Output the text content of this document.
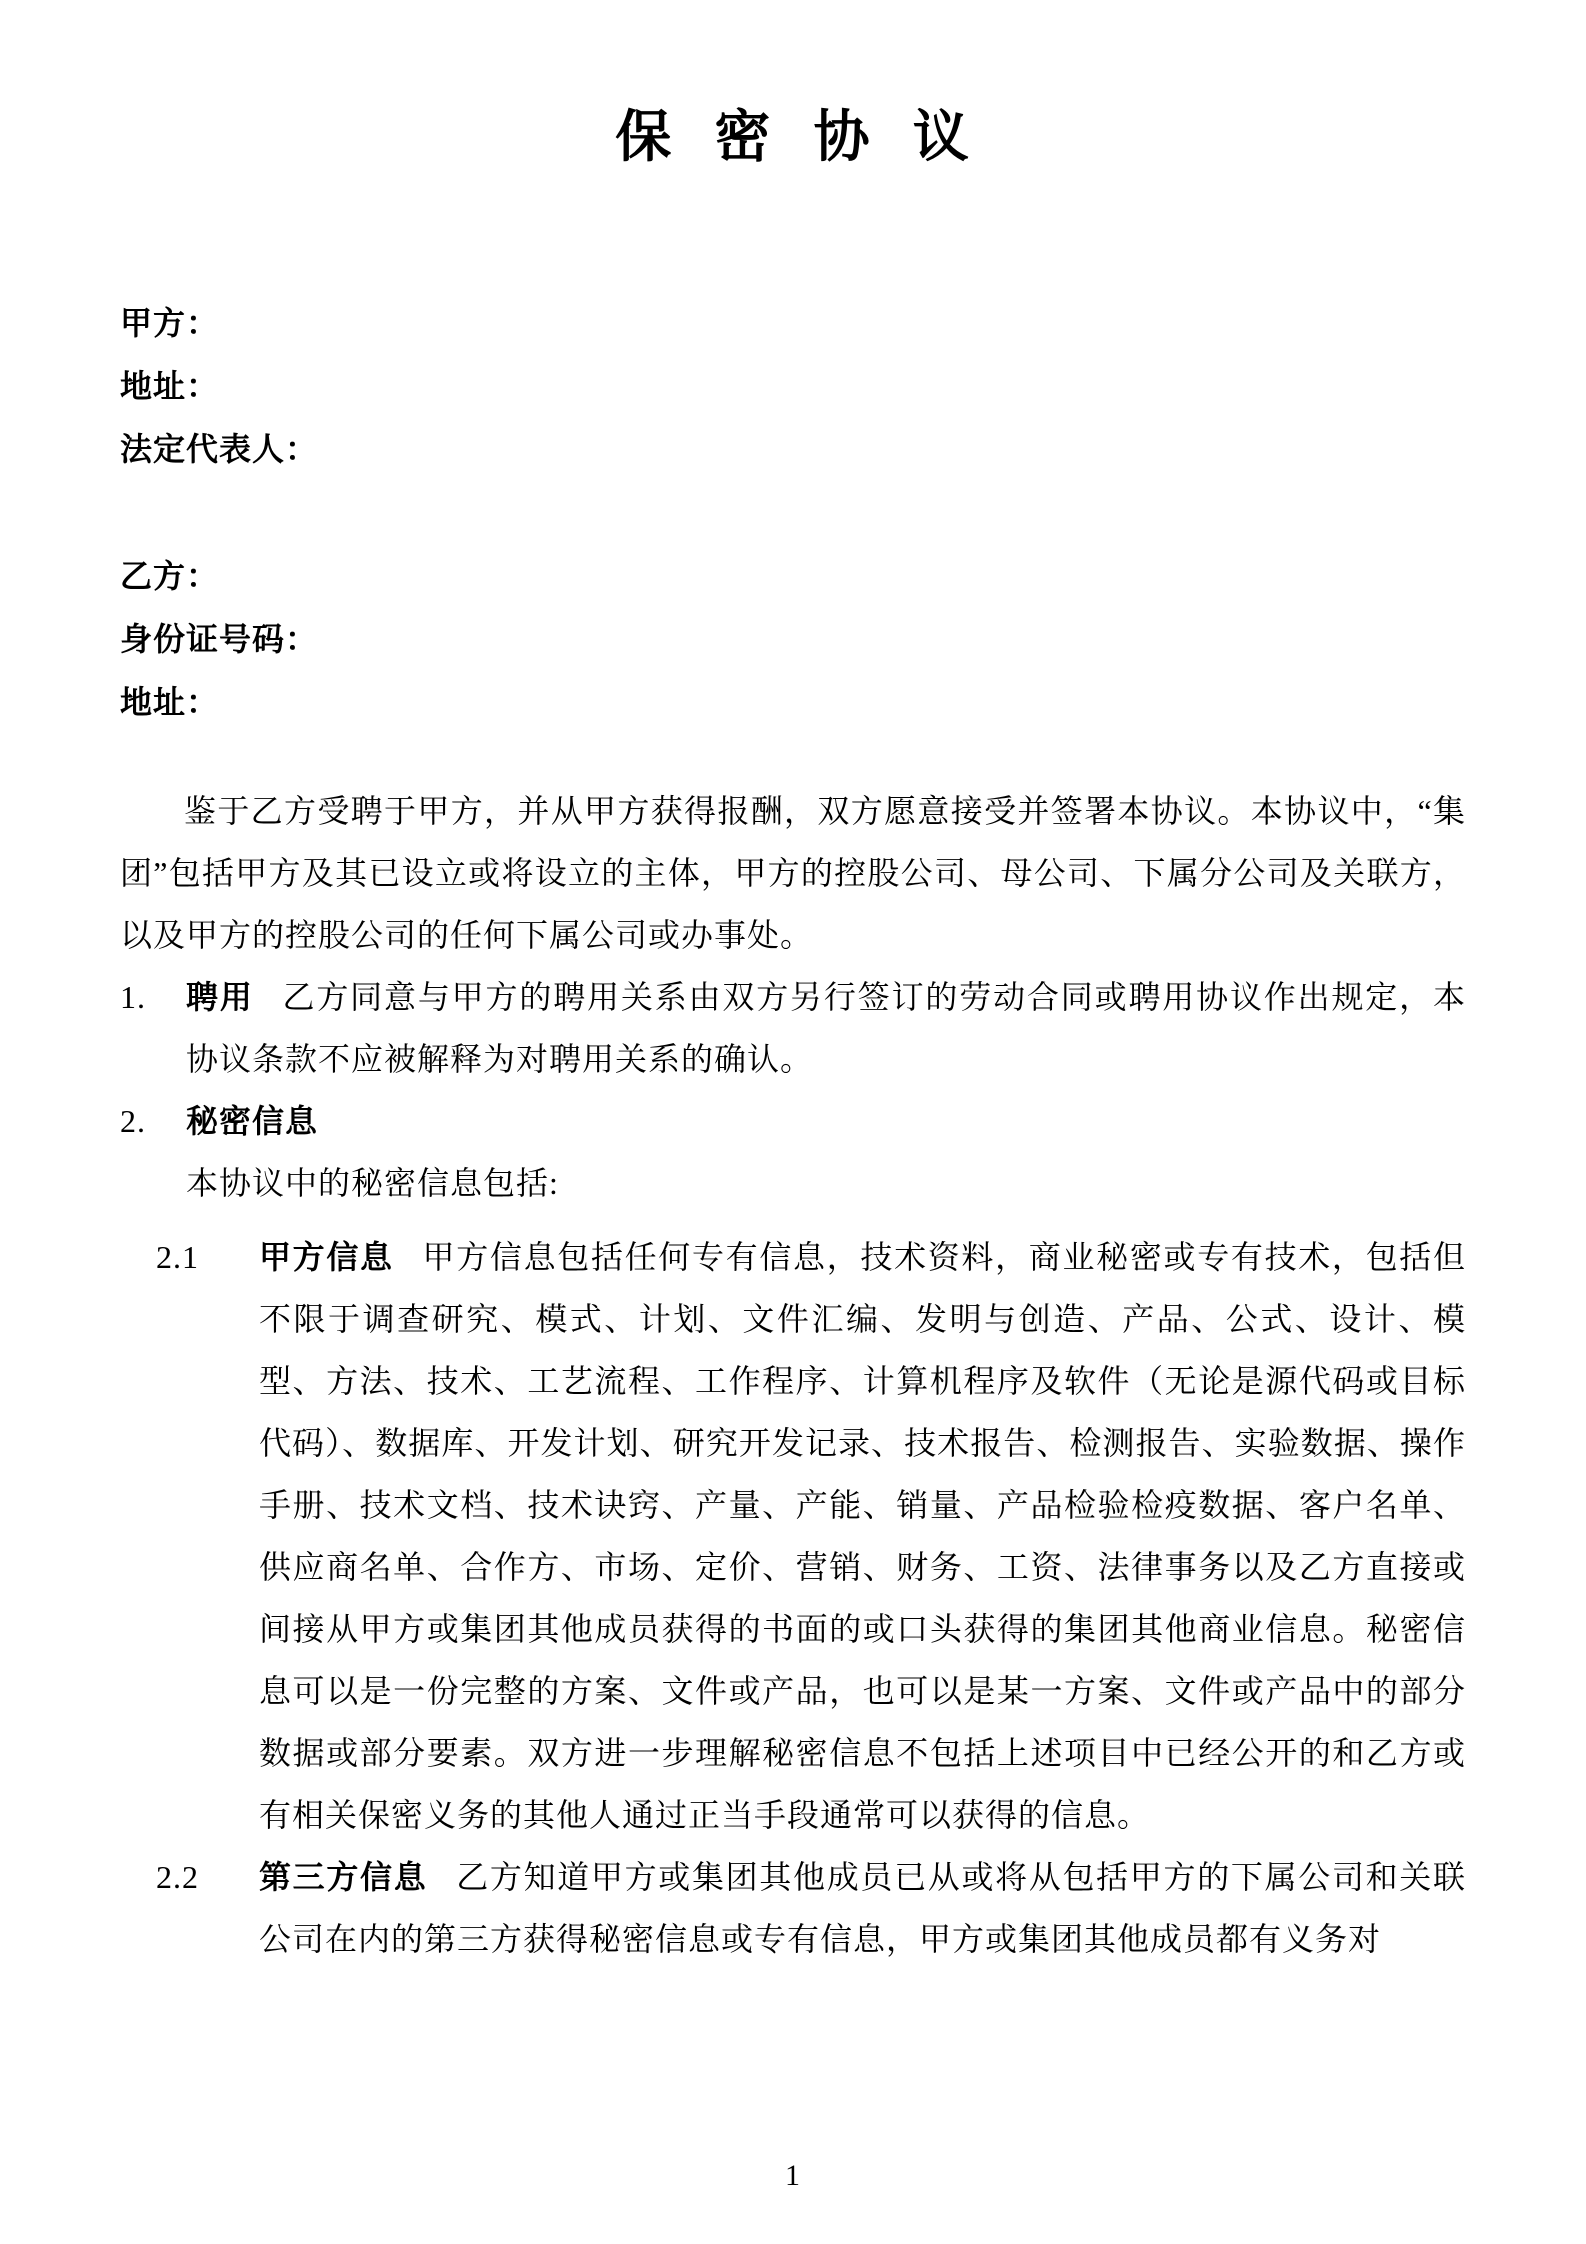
保 密 协 议

甲方：

地址：

法定代表人：

乙方：

身份证号码：

地址：

鉴于乙方受聘于甲方，并从甲方获得报酬，双方愿意接受并签署本协议。本协议中，“集团”包括甲方及其已设立或将设立的主体，甲方的控股公司、母公司、下属分公司及关联方，以及甲方的控股公司的任何下属公司或办事处。

1.	聘用 乙方同意与甲方的聘用关系由双方另行签订的劳动合同或聘用协议作出规定，本协议条款不应被解释为对聘用关系的确认。

2.	秘密信息

本协议中的秘密信息包括:

2.1	甲方信息 甲方信息包括任何专有信息，技术资料，商业秘密或专有技术，包括但不限于调查研究、模式、计划、文件汇编、发明与创造、产品、公式、设计、模型、方法、技术、工艺流程、工作程序、计算机程序及软件（无论是源代码或目标代码）、数据库、开发计划、研究开发记录、技术报告、检测报告、实验数据、操作手册、技术文档、技术诀窍、产量、产能、销量、产品检验检疫数据、客户名单、供应商名单、合作方、市场、定价、营销、财务、工资、法律事务以及乙方直接或间接从甲方或集团其他成员获得的书面的或口头获得的集团其他商业信息。秘密信息可以是一份完整的方案、文件或产品，也可以是某一方案、文件或产品中的部分数据或部分要素。双方进一步理解秘密信息不包括上述项目中已经公开的和乙方或有相关保密义务的其他人通过正当手段通常可以获得的信息。

2.2	第三方信息 乙方知道甲方或集团其他成员已从或将从包括甲方的下属公司和关联公司在内的第三方获得秘密信息或专有信息，甲方或集团其他成员都有义务对

1
